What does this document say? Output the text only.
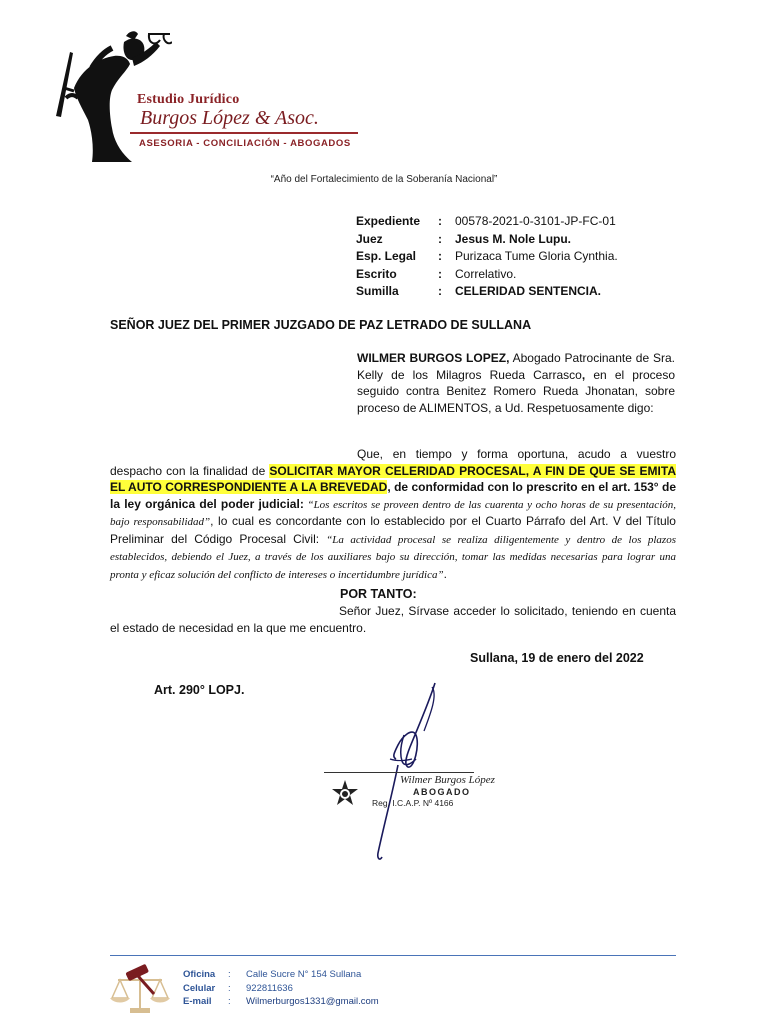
Estudio Jurídico
Burgos López & Asoc.
ASESORIA - CONCILIACIÓN - ABOGADOS
“Año del Fortalecimiento de la Soberanía Nacional”
Expediente : 00578-2021-0-3101-JP-FC-01
Juez	: Jesus M. Nole Lupu.
Esp. Legal : Purizaca Tume Gloria Cynthia.
Escrito	: Correlativo.
Sumilla	: CELERIDAD SENTENCIA.
SEÑOR JUEZ DEL PRIMER JUZGADO DE PAZ LETRADO DE SULLANA
WILMER BURGOS LOPEZ, Abogado Patrocinante de Sra. Kelly de los Milagros Rueda Carrasco, en el proceso seguido contra Benitez Romero Rueda Jhonatan, sobre proceso de ALIMENTOS, a Ud. Respetuosamente digo:
Que, en tiempo y forma oportuna, acudo a vuestro despacho con la finalidad de SOLICITAR MAYOR CELERIDAD PROCESAL, A FIN DE QUE SE EMITA EL AUTO CORRESPONDIENTE A LA BREVEDAD, de conformidad con lo prescrito en el art. 153° de la ley orgánica del poder judicial: “Los escritos se proveen dentro de las cuarenta y ocho horas de su presentación, bajo responsabilidad”, lo cual es concordante con lo establecido por el Cuarto Párrafo del Art. V del Título Preliminar del Código Procesal Civil: “La actividad procesal se realiza diligentemente y dentro de los plazos establecidos, debiendo el Juez, a través de los auxiliares bajo su dirección, tomar las medidas necesarias para lograr una pronta y eficaz solución del conflicto de intereses o incertidumbre jurídica”.
POR TANTO:
Señor Juez, Sírvase acceder lo solicitado, teniendo en cuenta el estado de necesidad en la que me encuentro.
Sullana, 19 de enero del 2022
Art. 290° LOPJ.
Wilmer Burgos López
ABOGADO
Reg. I.C.A.P. Nº 4166
Oficina : Calle Sucre N° 154 Sullana
Celular : 922811636
E-mail : Wilmerburgos1331@gmail.com
